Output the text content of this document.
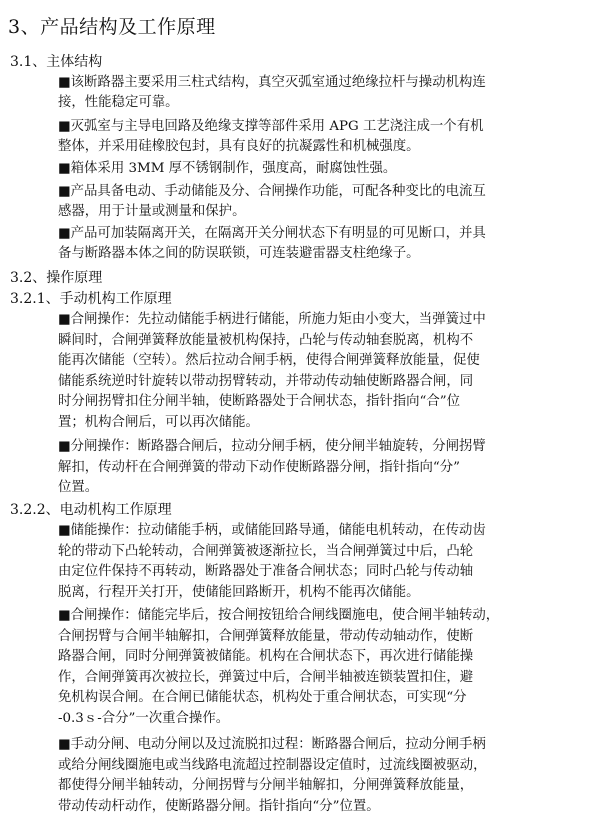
3、产品结构及工作原理
3.1、主体结构
■该断路器主要采用三柱式结构，真空灭弧室通过绝缘拉杆与操动机构连
接，性能稳定可靠。
■灭弧室与主导电回路及绝缘支撑等部件采用 APG 工艺浇注成一个有机
整体，并采用硅橡胶包封，具有良好的抗凝露性和机械强度。
■箱体采用 3MM 厚不锈钢制作，强度高，耐腐蚀性强。
■产品具备电动、手动储能及分、合闸操作功能，可配各种变比的电流互
感器，用于计量或测量和保护。
■产品可加装隔离开关，在隔离开关分闸状态下有明显的可见断口，并具
备与断路器本体之间的防误联锁，可连装避雷器支柱绝缘子。
3.2、操作原理
3.2.1、手动机构工作原理
■合闸操作：先拉动储能手柄进行储能，所施力矩由小变大，当弹簧过中
瞬间时，合闸弹簧释放能量被机构保持，凸轮与传动轴套脱离，机构不
能再次储能（空转）。然后拉动合闸手柄，使得合闸弹簧释放能量，促使
储能系统逆时针旋转以带动拐臂转动，并带动传动轴使断路器合闸，同
时分闸拐臂扣住分闸半轴，使断路器处于合闸状态，指针指向“合”位
置；机构合闸后，可以再次储能。
■分闸操作：断路器合闸后，拉动分闸手柄，使分闸半轴旋转，分闸拐臂
解扣，传动杆在合闸弹簧的带动下动作使断路器分闸，指针指向“分”
位置。
3.2.2、电动机构工作原理
■储能操作：拉动储能手柄，或储能回路导通，储能电机转动，在传动齿
轮的带动下凸轮转动，合闸弹簧被逐渐拉长，当合闸弹簧过中后，凸轮
由定位件保持不再转动，断路器处于准备合闸状态；同时凸轮与传动轴
脱离，行程开关打开，使储能回路断开，机构不能再次储能。
■合闸操作：储能完毕后，按合闸按钮给合闸线圈施电，使合闸半轴转动，
合闸拐臂与合闸半轴解扣，合闸弹簧释放能量，带动传动轴动作，使断
路器合闸，同时分闸弹簧被储能。机构在合闸状态下，再次进行储能操
作，合闸弹簧再次被拉长，弹簧过中后，合闸半轴被连锁装置扣住，避
免机构误合闸。在合闸已储能状态，机构处于重合闸状态，可实现“分
-0.3ｓ-合分”一次重合操作。
■手动分闸、电动分闸以及过流脱扣过程：断路器合闸后，拉动分闸手柄
或给分闸线圈施电或当线路电流超过控制器设定值时，过流线圈被驱动，
都使得分闸半轴转动，分闸拐臂与分闸半轴解扣，分闸弹簧释放能量，
带动传动杆动作，使断路器分闸。指针指向“分”位置。
